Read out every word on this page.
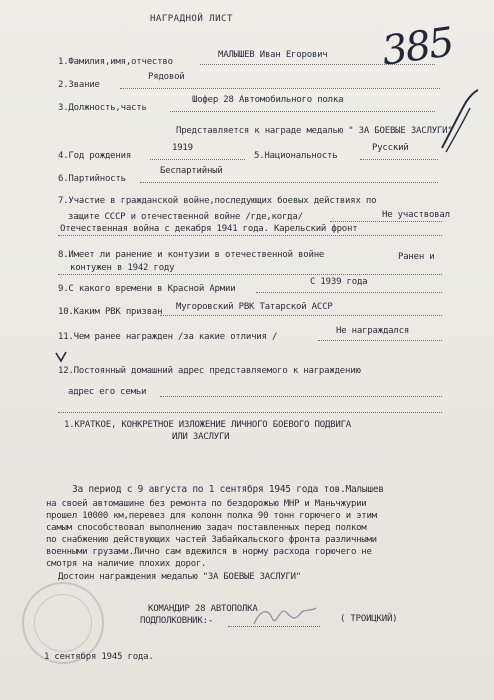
НАГРАДНОЙ ЛИСТ
385
1.Фамилия,имя,отчество
МАЛЫШЕВ Иван Егорович
2.Звание
Рядовой
3.Должность,часть
Шофер 28 Автомобильного полка
Представляется к награде медалью " ЗА БОЕВЫЕ ЗАСЛУГИ"
4.Год рождения
1919
5.Национальность
Русский
6.Партийность
Беспартийный
7.Участие в гражданской войне,последующих боевых действиях по
защите СССР и отечественной войне /где,когда/	Не участвовал
Отечественная война с декабря 1941 года. Карельский фронт
8.Имеет ли ранение и контузии в отечественной войне	Ранен и
контужен в 1942 году
9.С какого времени в Красной Армии
С 1939 года
10.Каким РВК призван Мугоровский РВК Татарской АССР
11.Чем ранее награжден /за какие отличия /
Не награждался
12.Постоянный домашний адрес представляемого к награждению
адрес его семьи
1.КРАТКОЕ, КОНКРЕТНОЕ ИЗЛОЖЕНИЕ ЛИЧНОГО БОЕВОГО ПОДВИГА
ИЛИ ЗАСЛУГИ
За период с 9 августа по 1 сентября 1945 года тов.Малышев
на своей автомашине без ремонта по бездорожью МНР и Маньчжурии
прошел 10000 км,перевез для колонн полка 90 тонн горючего и этим
самым способствовал выполнению задач поставленных перед полком
по снабжению действующих частей Забайкальского фронта различными
военными грузами.Лично сам вдежился в норму расхода горючего не
смотря на наличие плохих дорог.
Достоин награждения медалью "ЗА БОЕВЫЕ ЗАСЛУГИ"
КОМАНДИР 28 АВТОПОЛКА
ПОДПОЛКОВНИК:-	( ТРОИЦКИЙ)
1 сентября 1945 года.
